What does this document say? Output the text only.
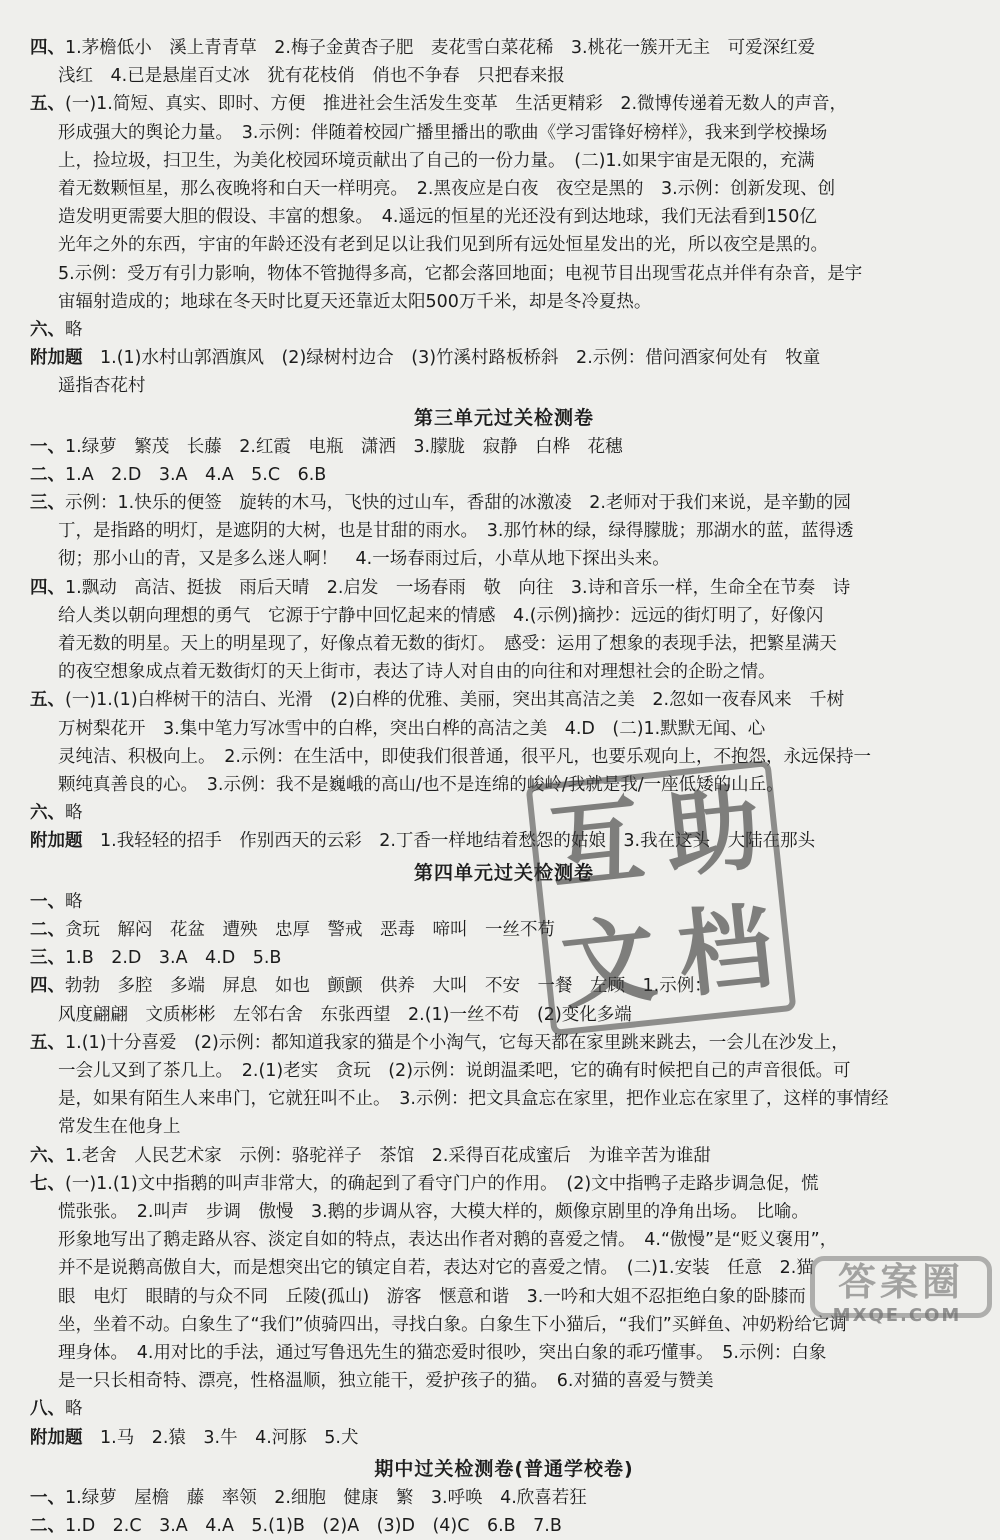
四、1.茅檐低小　溪上青青草　2.梅子金黄杏子肥　麦花雪白菜花稀　3.桃花一簇开无主　可爱深红爱
浅红　4.已是悬崖百丈冰　犹有花枝俏　俏也不争春　只把春来报
五、(一)1.简短、真实、即时、方便　推进社会生活发生变革　生活更精彩　2.微博传递着无数人的声音，
形成强大的舆论力量。　3.示例：伴随着校园广播里播出的歌曲《学习雷锋好榜样》，我来到学校操场
上，捡垃圾，扫卫生，为美化校园环境贡献出了自己的一份力量。　(二)1.如果宇宙是无限的，充满
着无数颗恒星，那么夜晚将和白天一样明亮。　2.黑夜应是白夜　夜空是黑的　3.示例：创新发现、创
造发明更需要大胆的假设、丰富的想象。　4.遥远的恒星的光还没有到达地球，我们无法看到150亿
光年之外的东西，宇宙的年龄还没有老到足以让我们见到所有远处恒星发出的光，所以夜空是黑的。
5.示例：受万有引力影响，物体不管抛得多高，它都会落回地面；电视节目出现雪花点并伴有杂音，是宇
宙辐射造成的；地球在冬天时比夏天还靠近太阳500万千米，却是冬冷夏热。
六、略
附加题　1.(1)水村山郭酒旗风　(2)绿树村边合　(3)竹溪村路板桥斜　2.示例：借问酒家何处有　牧童
遥指杏花村
第三单元过关检测卷
一、1.绿萝　繁茂　长藤　2.红霞　电瓶　潇洒　3.朦胧　寂静　白桦　花穗
二、1.A　2.D　3.A　4.A　5.C　6.B
三、示例：1.快乐的便签　旋转的木马，飞快的过山车，香甜的冰激凌　2.老师对于我们来说，是辛勤的园
丁，是指路的明灯，是遮阴的大树，也是甘甜的雨水。　3.那竹林的绿，绿得朦胧；那湖水的蓝，蓝得透
彻；那小山的青，又是多么迷人啊！　4.一场春雨过后，小草从地下探出头来。
四、1.飘动　高洁、挺拔　雨后天晴　2.启发　一场春雨　敬　向往　3.诗和音乐一样，生命全在节奏　诗
给人类以朝向理想的勇气　它源于宁静中回忆起来的情感　4.(示例)摘抄：远远的街灯明了，好像闪
着无数的明星。天上的明星现了，好像点着无数的街灯。　感受：运用了想象的表现手法，把繁星满天
的夜空想象成点着无数街灯的天上街市，表达了诗人对自由的向往和对理想社会的企盼之情。
五、(一)1.(1)白桦树干的洁白、光滑　(2)白桦的优雅、美丽，突出其高洁之美　2.忽如一夜春风来　千树
万树梨花开　3.集中笔力写冰雪中的白桦，突出白桦的高洁之美　4.D　(二)1.默默无闻、心
灵纯洁、积极向上。　2.示例：在生活中，即使我们很普通，很平凡，也要乐观向上，不抱怨，永远保持一
颗纯真善良的心。　3.示例：我不是巍峨的高山/也不是连绵的峻岭/我就是我/一座低矮的山丘。
六、略
附加题　1.我轻轻的招手　作别西天的云彩　2.丁香一样地结着愁怨的姑娘　3.我在这头　大陆在那头
第四单元过关检测卷
一、略
二、贪玩　解闷　花盆　遭殃　忠厚　警戒　恶毒　啼叫　一丝不苟
三、1.B　2.D　3.A　4.D　5.B
四、勃勃　多腔　多端　屏息　如也　颤颤　供养　大叫　不安　一餐　左顾　1.示例：
风度翩翩　文质彬彬　左邻右舍　东张西望　2.(1)一丝不苟　(2)变化多端
五、1.(1)十分喜爱　(2)示例：都知道我家的猫是个小淘气，它每天都在家里跳来跳去，一会儿在沙发上，
一会儿又到了茶几上。　2.(1)老实　贪玩　(2)示例：说朗温柔吧，它的确有时候把自己的声音很低。可
是，如果有陌生人来串门，它就狂叫不止。　3.示例：把文具盒忘在家里，把作业忘在家里了，这样的事情经
常发生在他身上
六、1.老舍　人民艺术家　示例：骆驼祥子　茶馆　2.采得百花成蜜后　为谁辛苦为谁甜
七、(一)1.(1)文中指鹅的叫声非常大，的确起到了看守门户的作用。　(2)文中指鸭子走路步调急促，慌
慌张张。　2.叫声　步调　傲慢　3.鹅的步调从容，大模大样的，颇像京剧里的净角出场。　比喻。
形象地写出了鹅走路从容、淡定自如的特点，表达出作者对鹅的喜爱之情。　4.“傲慢”是“贬义褒用”，
并不是说鹅高傲自大，而是想突出它的镇定自若，表达对它的喜爱之情。　(二)1.安装　任意　2.猫
眼　电灯　眼睛的与众不同　丘陵(孤山)　游客　惬意和谐　3.一吟和大姐不忍拒绝白象的卧膝而
坐，坐着不动。白象生了“我们”侦骑四出，寻找白象。白象生下小猫后，“我们”买鲜鱼、冲奶粉给它调
理身体。　4.用对比的手法，通过写鲁迅先生的猫恋爱时很吵，突出白象的乖巧懂事。　5.示例：白象
是一只长相奇特、漂亮，性格温顺，独立能干，爱护孩子的猫。　6.对猫的喜爱与赞美
八、略
附加题　1.马　2.猿　3.牛　4.河豚　5.犬
期中过关检测卷(普通学校卷)
一、1.绿萝　屋檐　藤　率领　2.细胞　健康　繁　3.呼唤　4.欣喜若狂
二、1.D　2.C　3.A　4.A　5.(1)B　(2)A　(3)D　(4)C　6.B　7.B
互 助
文 档
答案圈
MXQE.COM
